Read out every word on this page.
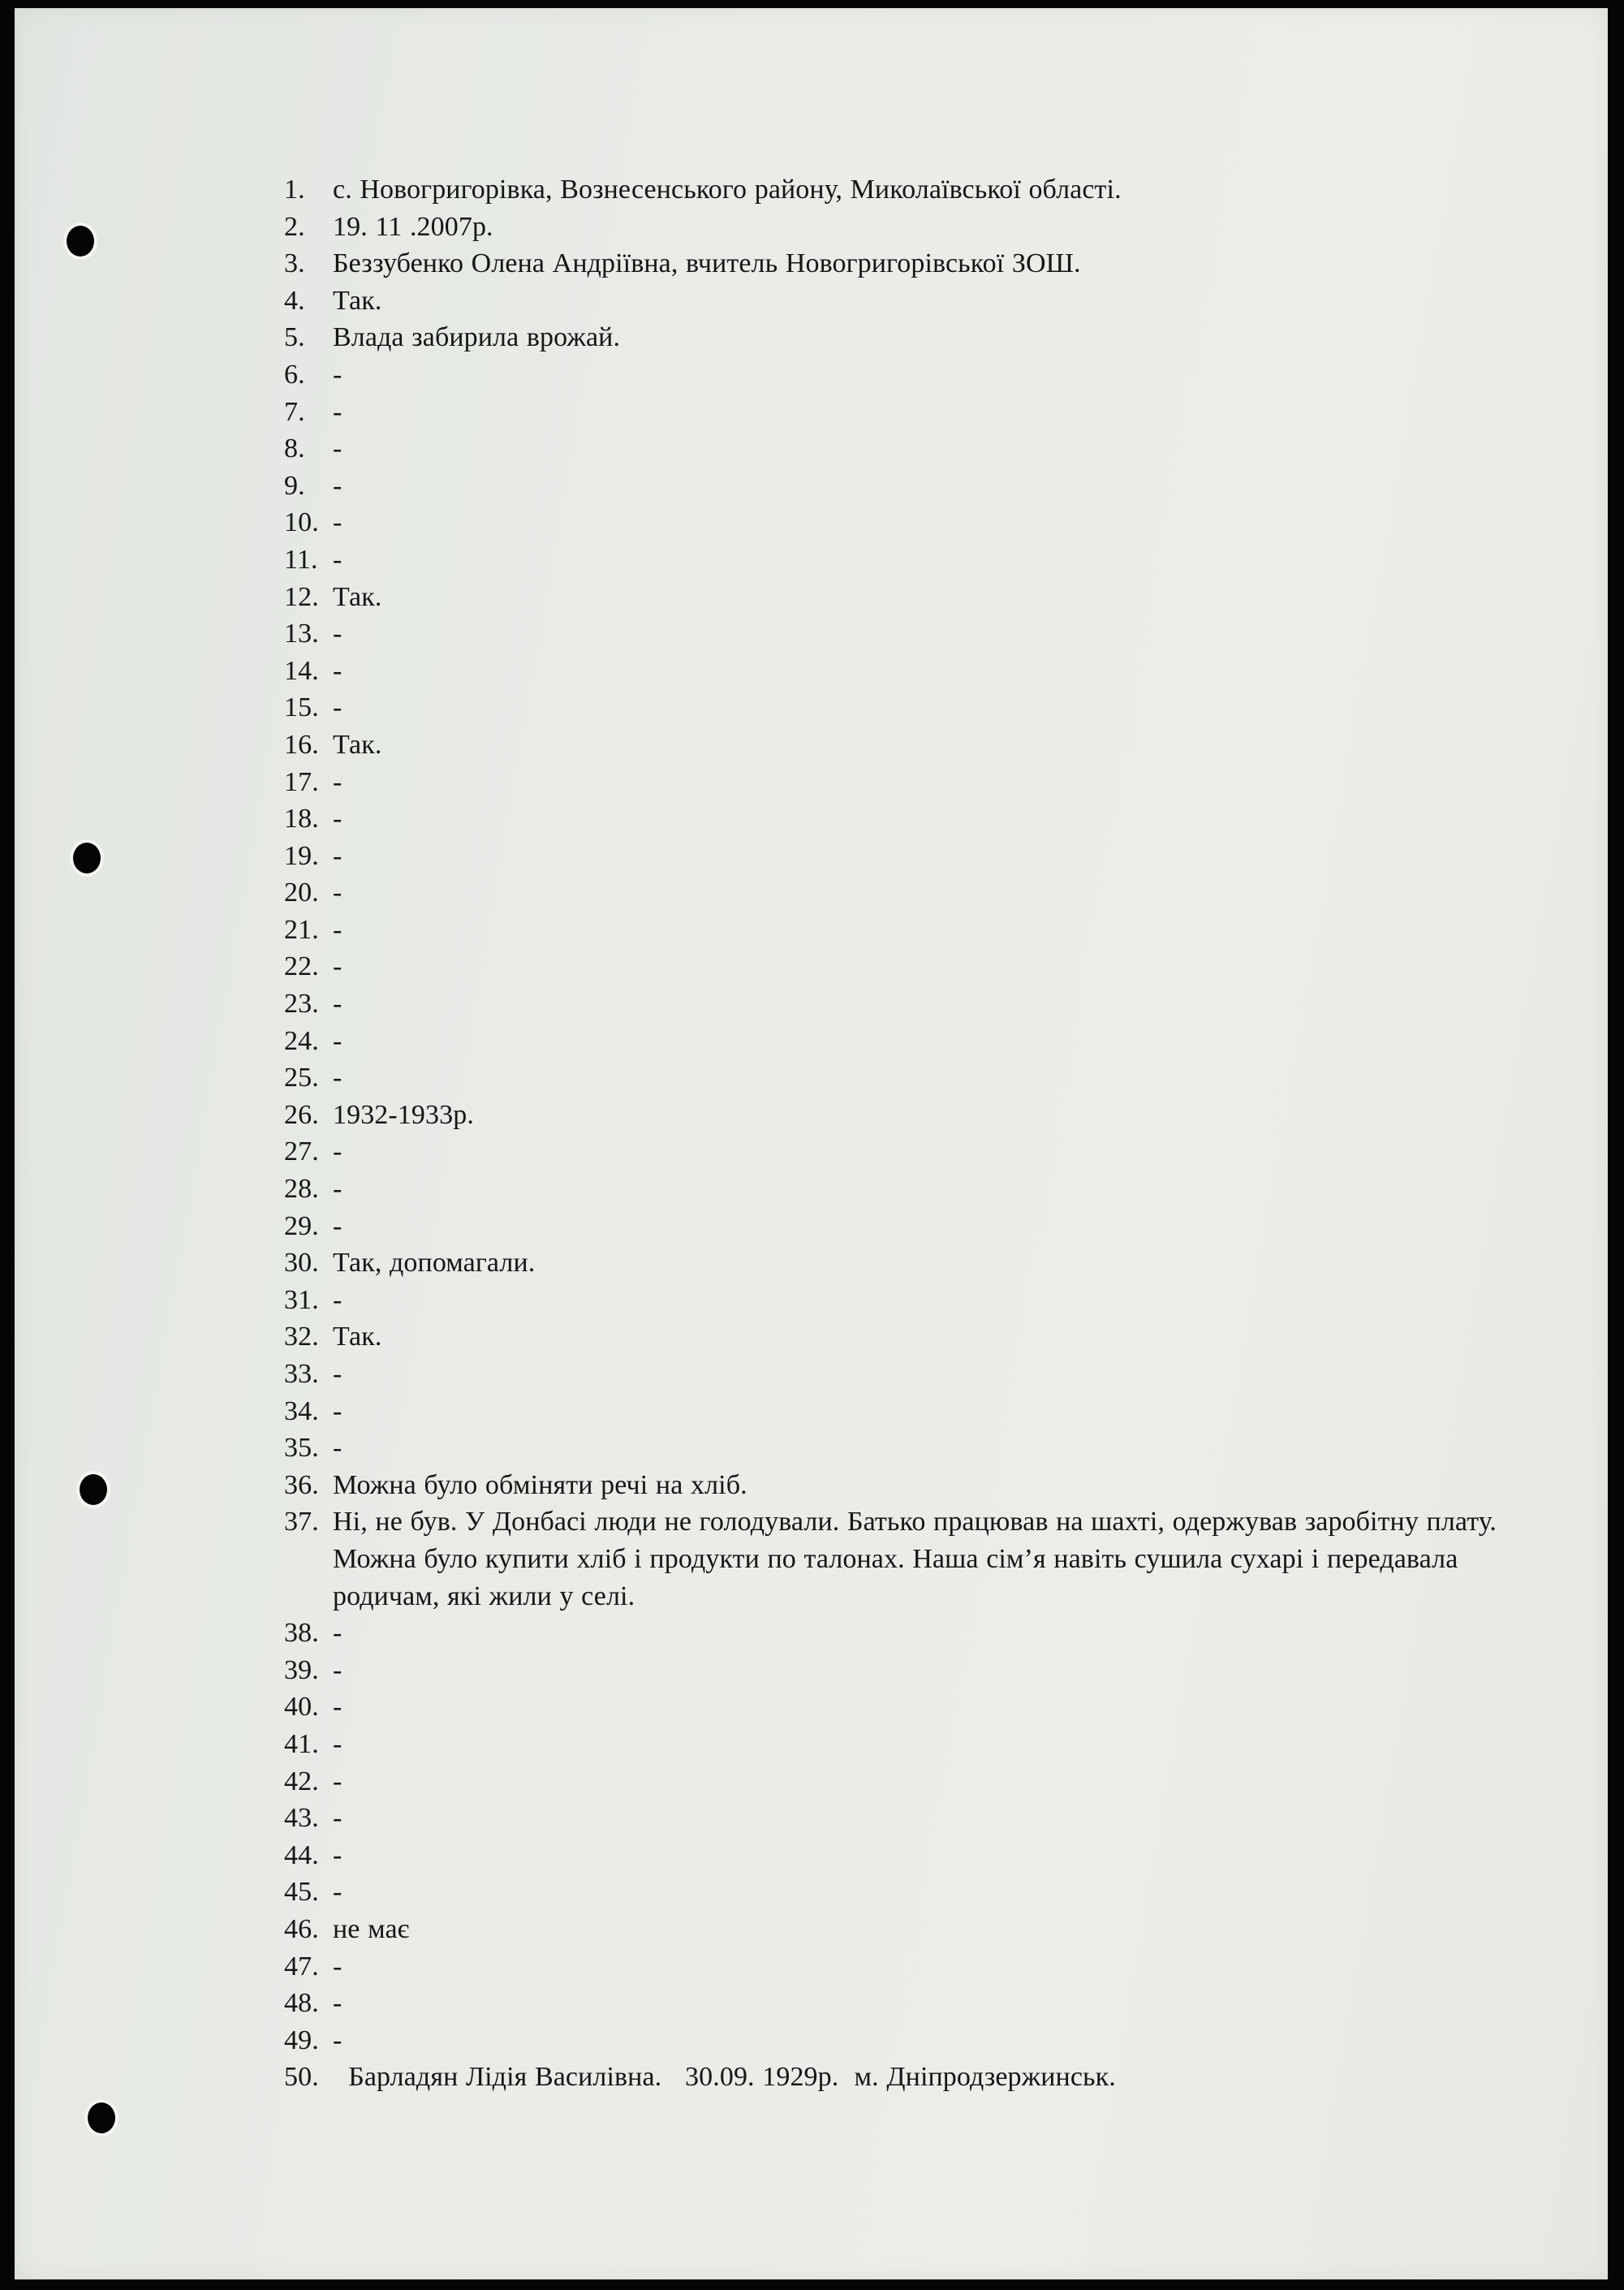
1.	с. Новогригорівка, Вознесенського району, Миколаївської області.
2.	19. 11 .2007р.
3.	Беззубенко Олена Андріївна, вчитель Новогригорівської ЗОШ.
4.	Так.
5.	Влада забирила врожай.
6.	-
7.	-
8.	-
9.	-
10. -
11. -
12. Так.
13. -
14. -
15. -
16. Так.
17. -
18. -
19. -
20. -
21. -
22. -
23. -
24. -
25. -
26. 1932-1933р.
27. -
28. -
29. -
30. Так, допомагали.
31. -
32. Так.
33. -
34. -
35. -
36. Можна було обміняти речі на хліб.
37. Ні, не був. У Донбасі люди не голодували. Батько працював на шахті, одержував заробітну плату. Можна було купити хліб і продукти по талонах. Наша сім’я навіть сушила сухарі і передавала родичам, які жили у селі.
38. -
39. -
40. -
41. -
42. -
43. -
44. -
45. -
46. не має
47. -
48. -
49. -
50. Барладян Лідія Василівна.   30.09. 1929р.  м. Дніпродзержинськ.
